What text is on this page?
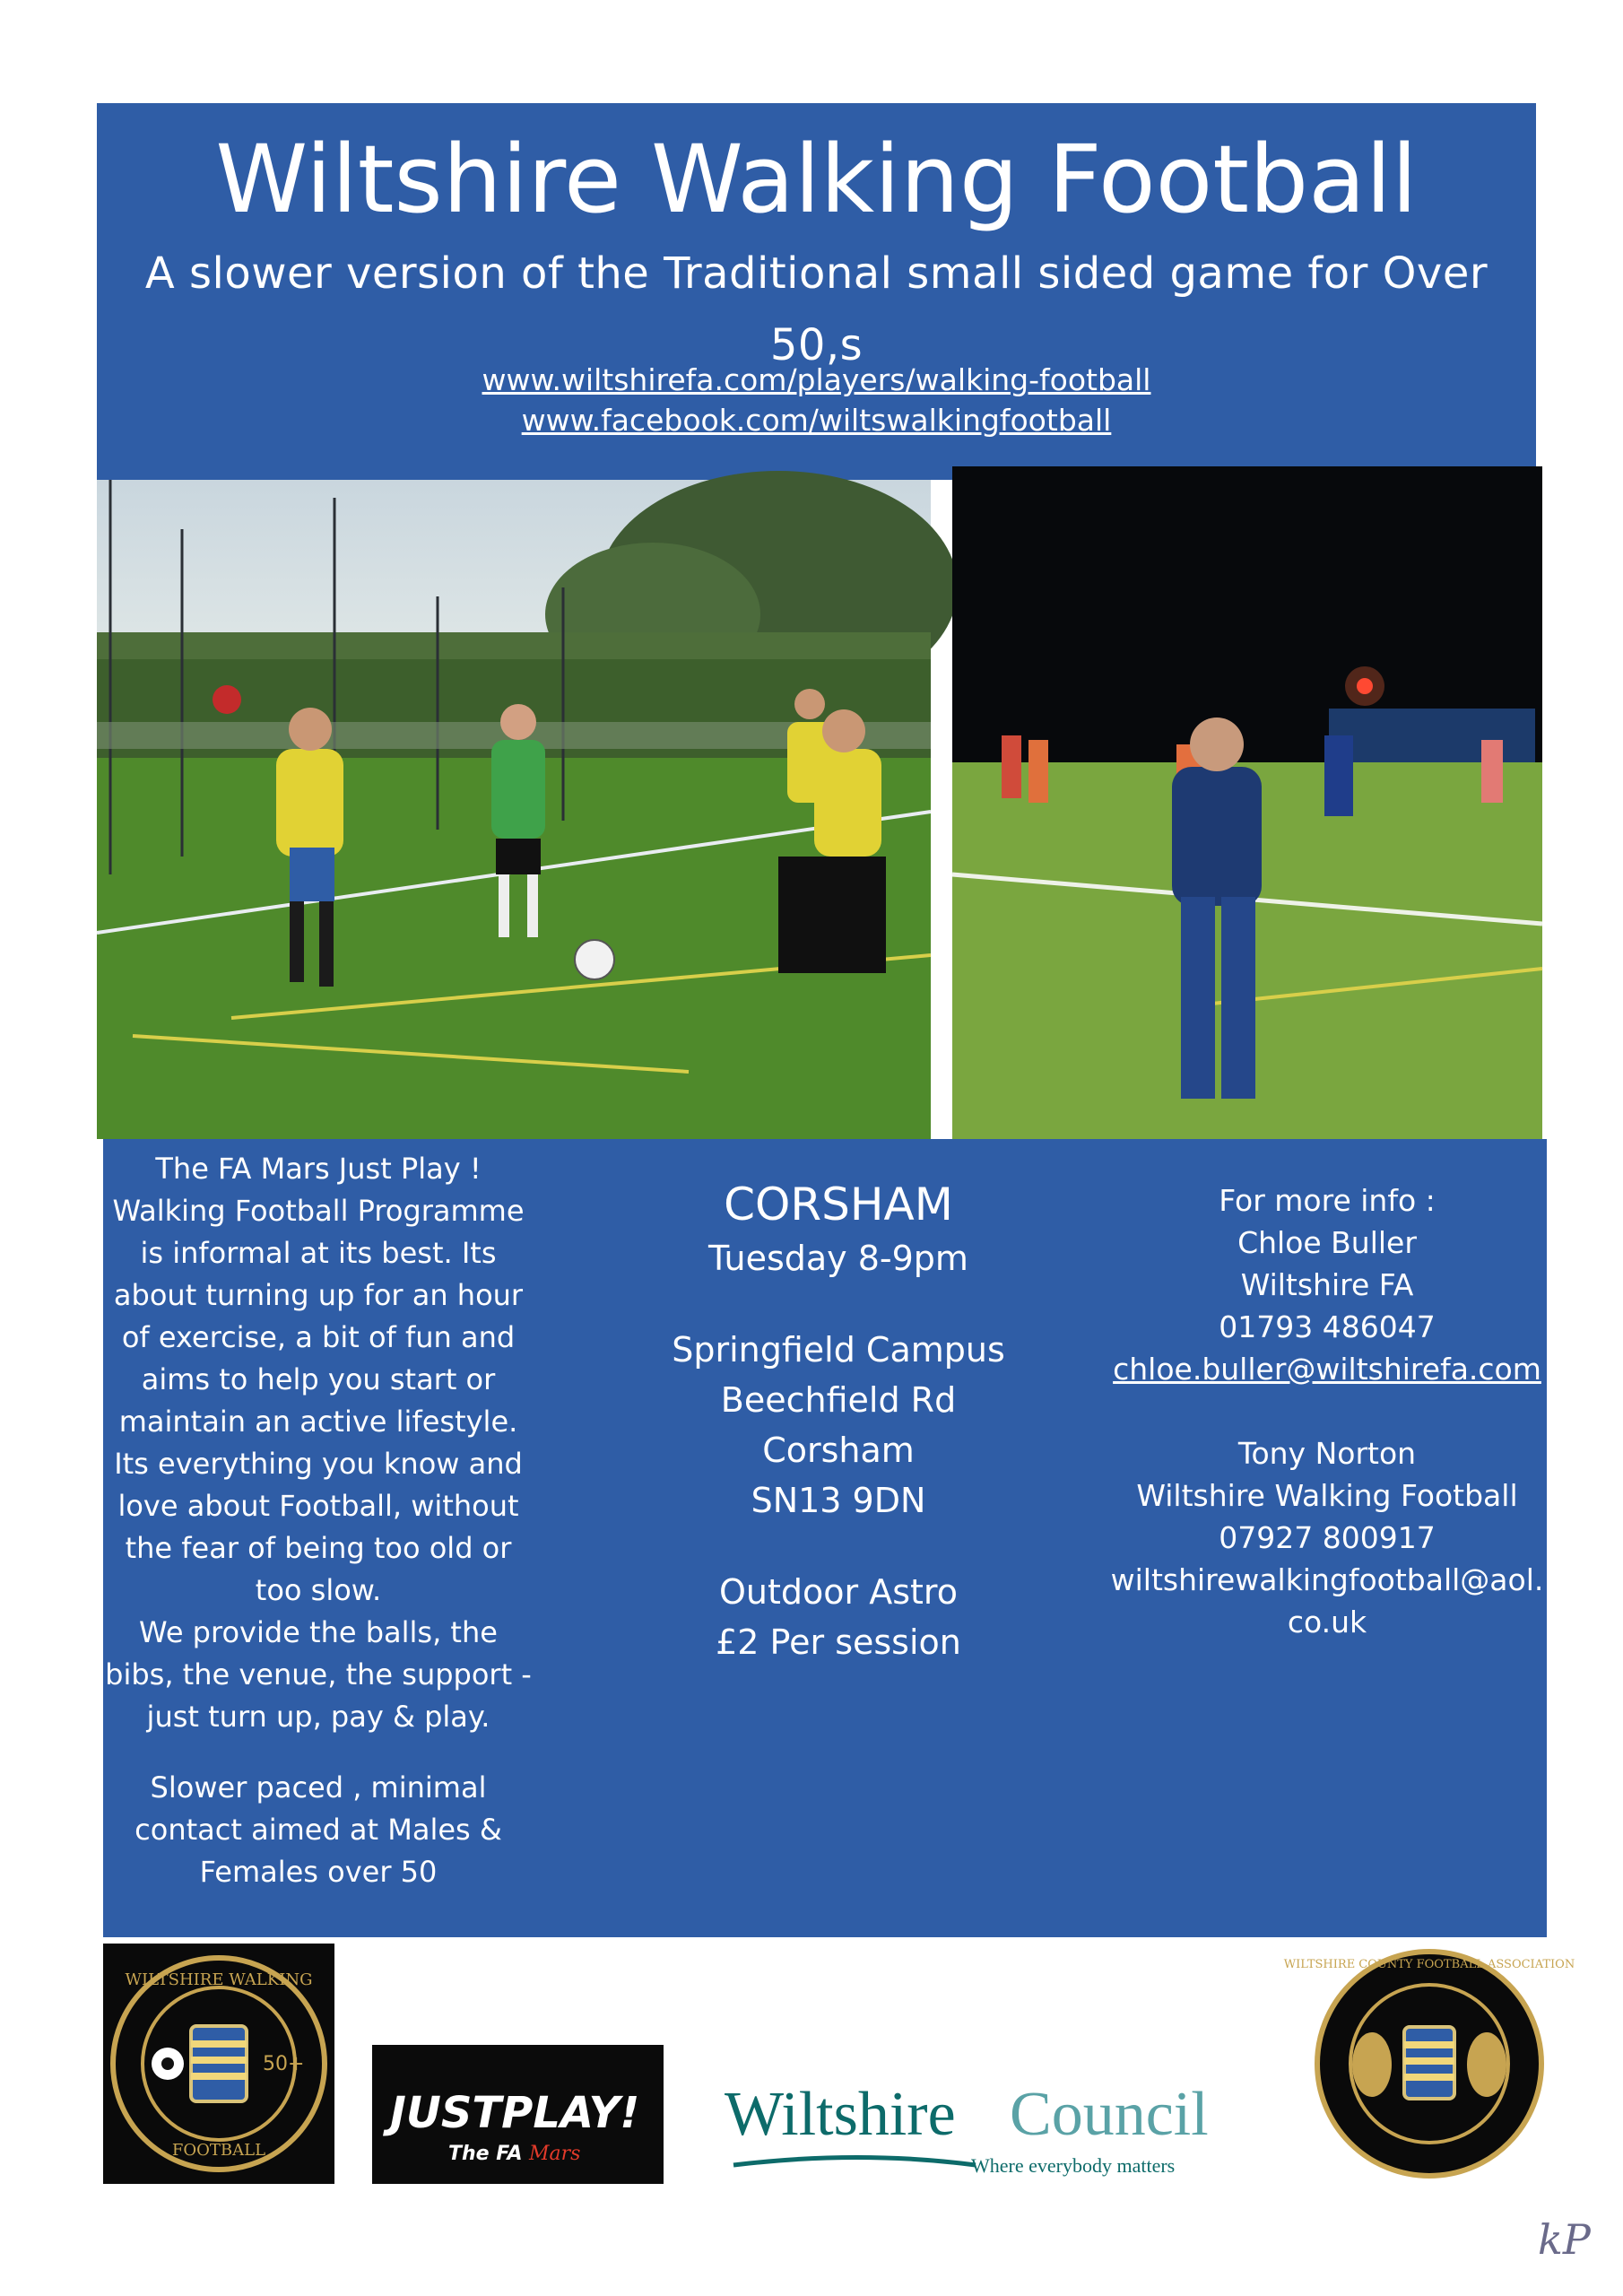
Wiltshire Walking Football
A slower version of the Traditional small sided game for Over 50,s
www.wiltshirefa.com/players/walking-football
www.facebook.com/wiltswalkingfootball
The FA Mars Just Play !
Walking Football Programme
is informal at its best. Its
about turning up for an hour
of exercise, a bit of fun and
aims to help you start or
maintain an active lifestyle.
Its everything you know and
love about Football, without
the fear of being too old or
too slow.
We provide the balls, the
bibs, the venue, the support -
just turn up, pay & play.
Slower paced , minimal
contact aimed at Males &
Females over 50
CORSHAM
Tuesday 8-9pm
Springfield Campus
Beechfield Rd
Corsham
SN13 9DN
Outdoor Astro
£2 Per session
For more info :
Chloe Buller
Wiltshire FA
01793 486047
chloe.buller@wiltshirefa.com
Tony Norton
Wiltshire Walking Football
07927 800917
wiltshirewalkingfootball@aol.
co.uk
50+
WILTSHIRE WALKING
FOOTBALL
JUSTPLAY!
The FA Mars
Wiltshire Council
Where everybody matters
WILTSHIRE COUNTY FOOTBALL ASSOCIATION
kP
